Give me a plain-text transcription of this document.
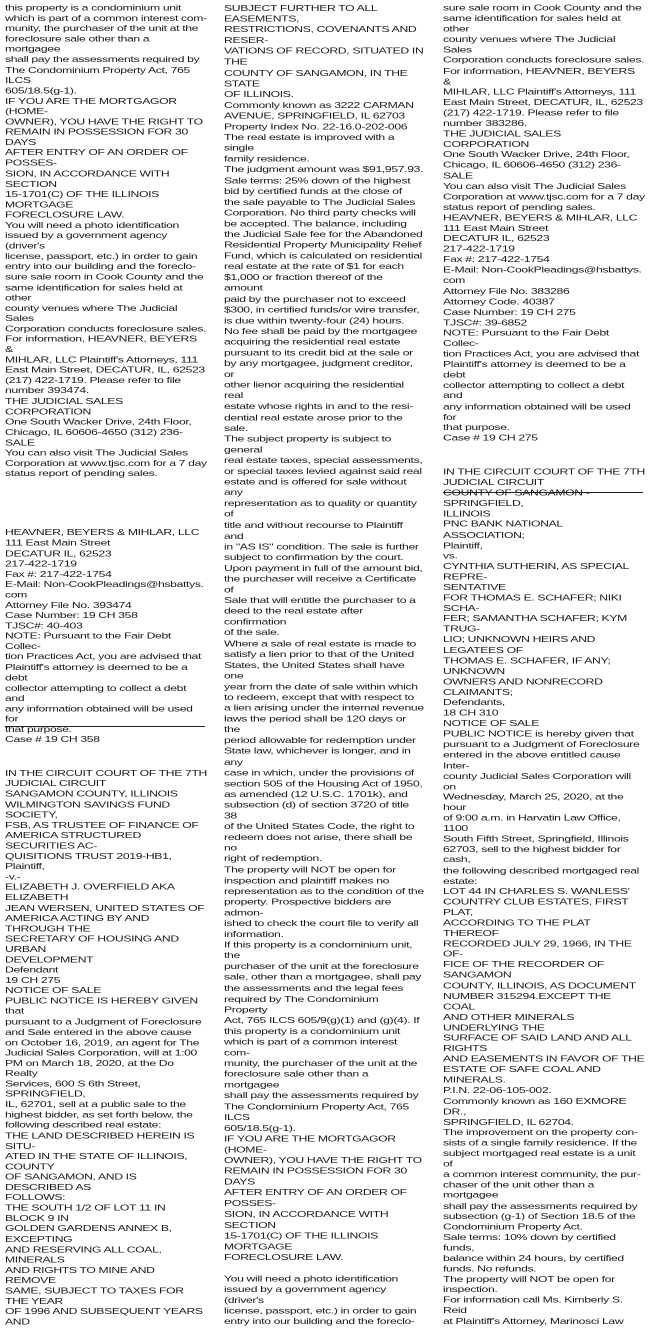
this property is a condominium unit
which is part of a common interest com-
munity, the purchaser of the unit at the
foreclosure sale other than a mortgagee
shall pay the assessments required by
The Condominium Property Act, 765 ILCS
605/18.5(g-1).
IF YOU ARE THE MORTGAGOR (HOME-
OWNER), YOU HAVE THE RIGHT TO
REMAIN IN POSSESSION FOR 30 DAYS
AFTER ENTRY OF AN ORDER OF POSSES-
SION, IN ACCORDANCE WITH SECTION
15-1701(C) OF THE ILLINOIS MORTGAGE
FORECLOSURE LAW.
You will need a photo identification
issued by a government agency (driver's
license, passport, etc.) in order to gain
entry into our building and the foreclo-
sure sale room in Cook County and the
same identification for sales held at other
county venues where The Judicial Sales
Corporation conducts foreclosure sales.
For information, HEAVNER, BEYERS &
MIHLAR, LLC Plaintiff's Attorneys, 111
East Main Street, DECATUR, IL, 62523
(217) 422-1719. Please refer to file
number 393474.
THE JUDICIAL SALES CORPORATION
One South Wacker Drive, 24th Floor,
Chicago, IL 60606-4650 (312) 236-SALE
You can also visit The Judicial Sales
Corporation at www.tjsc.com for a 7 day
status report of pending sales.

HEAVNER, BEYERS & MIHLAR, LLC
111 East Main Street
DECATUR IL, 62523
217-422-1719
Fax #: 217-422-1754
E-Mail: Non-CookPleadings@hsbattys.
com
Attorney File No. 393474
Case Number: 19 CH 358
TJSC#: 40-403
NOTE: Pursuant to the Fair Debt Collec-
tion Practices Act, you are advised that
Plaintiff's attorney is deemed to be a debt
collector attempting to collect a debt and
any information obtained will be used for
that purpose.
Case # 19 CH 358

IN THE CIRCUIT COURT OF THE 7TH
JUDICIAL CIRCUIT
SANGAMON COUNTY, ILLINOIS
WILMINGTON SAVINGS FUND SOCIETY,
FSB, AS TRUSTEE OF FINANCE OF
AMERICA STRUCTURED SECURITIES AC-
QUISITIONS TRUST 2019-HB1, Plaintiff,
-v.-
ELIZABETH J. OVERFIELD AKA ELIZABETH
JEAN WERSEN, UNITED STATES OF
AMERICA ACTING BY AND THROUGH THE
SECRETARY OF HOUSING AND URBAN
DEVELOPMENT
Defendant
19 CH 275
NOTICE OF SALE
PUBLIC NOTICE IS HEREBY GIVEN that
pursuant to a Judgment of Foreclosure
and Sale entered in the above cause
on October 16, 2019, an agent for The
Judicial Sales Corporation, will at 1:00
PM on March 18, 2020, at the Do Realty
Services, 600 S 6th Street, SPRINGFIELD,
IL, 62701, sell at a public sale to the
highest bidder, as set forth below, the
following described real estate:
THE LAND DESCRIBED HEREIN IS SITU-
ATED IN THE STATE OF ILLINOIS, COUNTY
OF SANGAMON, AND IS DESCRIBED AS
FOLLOWS:
THE SOUTH 1/2 OF LOT 11 IN BLOCK 9 IN
GOLDEN GARDENS ANNEX B, EXCEPTING
AND RESERVING ALL COAL, MINERALS
AND RIGHTS TO MINE AND REMOVE
SAME, SUBJECT TO TAXES FOR THE YEAR
OF 1996 AND SUBSEQUENT YEARS AND

SUBJECT FURTHER TO ALL EASEMENTS,
RESTRICTIONS, COVENANTS AND RESER-
VATIONS OF RECORD, SITUATED IN THE
COUNTY OF SANGAMON, IN THE STATE
OF ILLINOIS.
Commonly known as 3222 CARMAN
AVENUE, SPRINGFIELD, IL 62703
Property Index No. 22-16.0-202-006
The real estate is improved with a single
family residence.
The judgment amount was $91,957.93.
Sale terms: 25% down of the highest
bid by certified funds at the close of
the sale payable to The Judicial Sales
Corporation. No third party checks will
be accepted. The balance, including
the Judicial Sale fee for the Abandoned
Residential Property Municipality Relief
Fund, which is calculated on residential
real estate at the rate of $1 for each
$1,000 or fraction thereof of the amount
paid by the purchaser not to exceed
$300, in certified funds/or wire transfer,
is due within twenty-four (24) hours.
No fee shall be paid by the mortgagee
acquiring the residential real estate
pursuant to its credit bid at the sale or
by any mortgagee, judgment creditor, or
other lienor acquiring the residential real
estate whose rights in and to the resi-
dential real estate arose prior to the sale.
The subject property is subject to general
real estate taxes, special assessments,
or special taxes levied against said real
estate and is offered for sale without any
representation as to quality or quantity of
title and without recourse to Plaintiff and
in "AS IS" condition. The sale is further
subject to confirmation by the court.
Upon payment in full of the amount bid,
the purchaser will receive a Certificate of
Sale that will entitle the purchaser to a
deed to the real estate after confirmation
of the sale.
Where a sale of real estate is made to
satisfy a lien prior to that of the United
States, the United States shall have one
year from the date of sale within which
to redeem, except that with respect to
a lien arising under the internal revenue
laws the period shall be 120 days or the
period allowable for redemption under
State law, whichever is longer, and in any
case in which, under the provisions of
section 505 of the Housing Act of 1950,
as amended (12 U.S.C. 1701k), and
subsection (d) of section 3720 of title 38
of the United States Code, the right to
redeem does not arise, there shall be no
right of redemption.
The property will NOT be open for
inspection and plaintiff makes no
representation as to the condition of the
property. Prospective bidders are admon-
ished to check the court file to verify all
information.
If this property is a condominium unit, the
purchaser of the unit at the foreclosure
sale, other than a mortgagee, shall pay
the assessments and the legal fees
required by The Condominium Property
Act, 765 ILCS 605/9(g)(1) and (g)(4). If
this property is a condominium unit
which is part of a common interest com-
munity, the purchaser of the unit at the
foreclosure sale other than a mortgagee
shall pay the assessments required by
The Condominium Property Act, 765 ILCS
605/18.5(g-1).
IF YOU ARE THE MORTGAGOR (HOME-
OWNER), YOU HAVE THE RIGHT TO
REMAIN IN POSSESSION FOR 30 DAYS
AFTER ENTRY OF AN ORDER OF POSSES-
SION, IN ACCORDANCE WITH SECTION
15-1701(C) OF THE ILLINOIS MORTGAGE
FORECLOSURE LAW.

You will need a photo identification
issued by a government agency (driver's
license, passport, etc.) in order to gain
entry into our building and the foreclo-

sure sale room in Cook County and the
same identification for sales held at other
county venues where The Judicial Sales
Corporation conducts foreclosure sales.
For information, HEAVNER, BEYERS &
MIHLAR, LLC Plaintiff's Attorneys, 111
East Main Street, DECATUR, IL, 62523
(217) 422-1719. Please refer to file
number 383286.
THE JUDICIAL SALES CORPORATION
One South Wacker Drive, 24th Floor,
Chicago, IL 60606-4650 (312) 236-SALE
You can also visit The Judicial Sales
Corporation at www.tjsc.com for a 7 day
status report of pending sales.
HEAVNER, BEYERS & MIHLAR, LLC
111 East Main Street
DECATUR IL, 62523
217-422-1719
Fax #: 217-422-1754
E-Mail: Non-CookPleadings@hsbattys.
com
Attorney File No. 383286
Attorney Code. 40387
Case Number: 19 CH 275
TJSC#: 39-6852
NOTE: Pursuant to the Fair Debt Collec-
tion Practices Act, you are advised that
Plaintiff's attorney is deemed to be a debt
collector attempting to collect a debt and
any information obtained will be used for
that purpose.
Case # 19 CH 275

IN THE CIRCUIT COURT OF THE 7TH
JUDICIAL CIRCUIT
COUNTY OF SANGAMON - SPRINGFIELD,
ILLINOIS
PNC BANK NATIONAL ASSOCIATION;
Plaintiff,
vs.
CYNTHIA SUTHERIN, AS SPECIAL REPRE-
SENTATIVE
FOR THOMAS E. SCHAFER; NIKI SCHA-
FER; SAMANTHA SCHAFER; KYM TRUG-
LIO; UNKNOWN HEIRS AND LEGATEES OF
THOMAS E. SCHAFER, IF ANY; UNKNOWN
OWNERS AND NONRECORD CLAIMANTS;
Defendants,
18 CH 310
NOTICE OF SALE
PUBLIC NOTICE is hereby given that
pursuant to a Judgment of Foreclosure
entered in the above entitled cause Inter-
county Judicial Sales Corporation will on
Wednesday, March 25, 2020, at the hour
of 9:00 a.m. in Harvatin Law Office, 1100
South Fifth Street, Springfield, Illinois
62703, sell to the highest bidder for cash,
the following described mortgaged real
estate:
LOT 44 IN CHARLES S. WANLESS'
COUNTRY CLUB ESTATES, FIRST PLAT,
ACCORDING TO THE PLAT THEREOF
RECORDED JULY 29, 1966, IN THE OF-
FICE OF THE RECORDER OF SANGAMON
COUNTY, ILLINOIS, AS DOCUMENT
NUMBER 315294.EXCEPT THE COAL
AND OTHER MINERALS UNDERLYING THE
SURFACE OF SAID LAND AND ALL RIGHTS
AND EASEMENTS IN FAVOR OF THE
ESTATE OF SAFE COAL AND MINERALS.
P.I.N. 22-06-105-002.
Commonly known as 160 EXMORE DR.,
SPRINGFIELD, IL 62704.
The improvement on the property con-
sists of a single family residence. If the
subject mortgaged real estate is a unit of
a common interest community, the pur-
chaser of the unit other than a mortgagee
shall pay the assessments required by
subsection (g-1) of Section 18.5 of the
Condominium Property Act.
Sale terms: 10% down by certified funds,
balance within 24 hours, by certified
funds. No refunds.
The property will NOT be open for
inspection.
For information call Ms. Kimberly S. Reid
at Plaintiff's Attorney, Marinosci Law
